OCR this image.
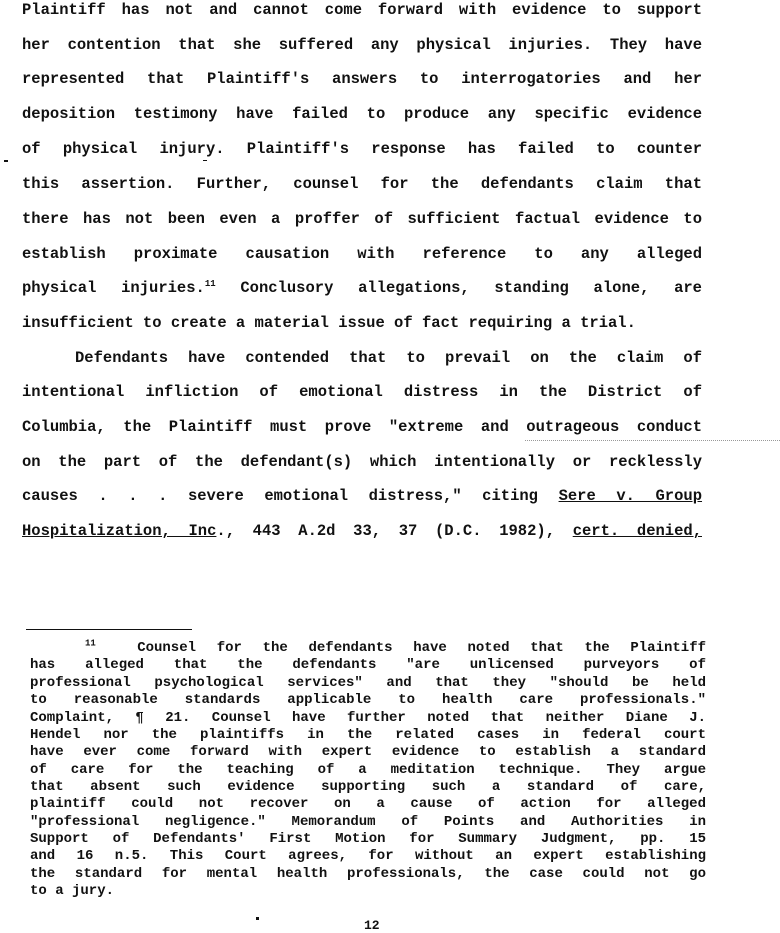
Plaintiff has not and cannot come forward with evidence to support
her contention that she suffered any physical injuries. They have
represented that Plaintiff's answers to interrogatories and her
deposition testimony have failed to produce any specific evidence
of physical injury. Plaintiff's response has failed to counter
this assertion. Further, counsel for the defendants claim that
there has not been even a proffer of sufficient factual evidence to
establish proximate causation with reference to any alleged
physical injuries.$^{11}$ Conclusory allegations, standing alone, are
insufficient to create a material issue of fact requiring a trial.
Defendants have contended that to prevail on the claim of
intentional infliction of emotional distress in the District of
Columbia, the Plaintiff must prove "extreme and outrageous conduct
on the part of the defendant(s) which intentionally or recklessly
causes . . . severe emotional distress," citing Sere v. Group
Hospitalization, Inc., 443 A.2d 33, 37 (D.C. 1982), cert. denied,
$^{11}$	Counsel for the defendants have noted that the Plaintiff
has alleged that the defendants "are unlicensed purveyors of
professional psychological services" and that they "should be held
to reasonable standards applicable to health care professionals."
Complaint, ¶ 21. Counsel have further noted that neither Diane J.
Hendel nor the plaintiffs in the related cases in federal court
have ever come forward with expert evidence to establish a standard
of care for the teaching of a meditation technique. They argue
that absent such evidence supporting such a standard of care,
plaintiff could not recover on a cause of action for alleged
"professional negligence." Memorandum of Points and Authorities in
Support of Defendants' First Motion for Summary Judgment, pp. 15
and 16 n.5. This Court agrees, for without an expert establishing
the standard for mental health professionals, the case could not go
to a jury.
12
